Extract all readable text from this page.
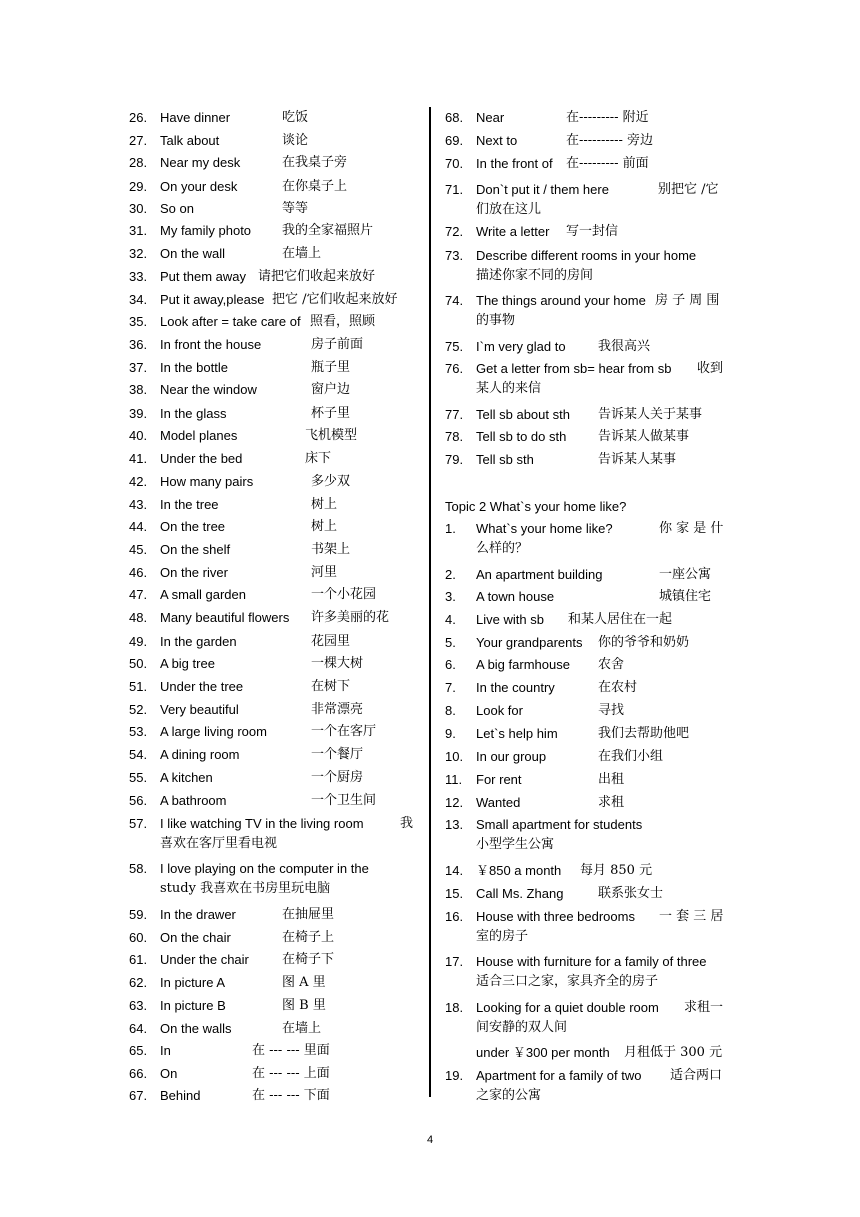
26. Have dinner	吃饭
27. Talk about	谈论
28. Near my desk	在我桌子旁
29. On your desk	在你桌子上
30. So on	等等
31. My family photo 我的全家福照片
32. On the wall	在墙上
33. Put them away 请把它们收起来放好
34. Put it away,please 把它 /它们收起来放好
35. Look after = take care of 照看，照顾
36. In front the house	房子前面
37. In the bottle	瓶子里
38. Near the window	窗户边
39. In the glass	杯子里
40. Model planes	飞机模型
41. Under the bed	床下
42. How many pairs	多少双
43. In the tree	树上
44. On the tree	树上
45. On the shelf	书架上
46. On the river	河里
47. A small garden	一个小花园
48. Many beautiful flowers 许多美丽的花
49. In the garden	花园里
50. A big tree	一棵大树
51. Under the tree	在树下
52. Very beautiful	非常漂亮
53. A large living room	一个在客厅
54. A dining room	一个餐厅
55. A kitchen	一个厨房
56. A bathroom	一个卫生间
57. I like watching TV in the living room	我
喜欢在客厅里看电视
58. I love playing on the computer in the
study 我喜欢在书房里玩电脑
59. In the drawer	在抽屉里
60. On the chair	在椅子上
61. Under the chair	在椅子下
62. In picture A	图 A 里
63. In picture B	图 B 里
64. On the walls	在墙上
65. In	在 --- --- 里面
66. On	在 --- --- 上面
67. Behind	在 --- --- 下面
68. Near	在--------- 附近
69. Next to	在---------- 旁边
70. In the front of 在--------- 前面
71. Don`t put it / them here	别把它 /它
们放在这儿
72. Write a letter 写一封信
73. Describe different rooms in your home
描述你家不同的房间
74. The things around your home 房 子 周 围
的事物
75. I`m very glad to 我很高兴
76. Get a letter from sb= hear from sb 收到
某人的来信
77. Tell sb about sth 告诉某人关于某事
78. Tell sb to do sth 告诉某人做某事
79. Tell sb sth	告诉某人某事
Topic 2 What`s your home like?
1. What`s your home like?	你 家 是 什
么样的？
2. An apartment building	一座公寓
3. A town house	城镇住宅
4. Live with sb 和某人居住在一起
5. Your grandparents 你的爷爷和奶奶
6. A big farmhouse 农舍
7. In the country	在农村
8. Look for	寻找
9. Let`s help him	我们去帮助他吧
10. In our group	在我们小组
11. For rent	出租
12. Wanted	求租
13. Small apartment for students
小型学生公寓
14. ￥850 a month 每月 850 元
15. Call Ms. Zhang	联系张女士
16. House with three bedrooms 一 套 三 居
室的房子
17. House with furniture for a family of three
适合三口之家，家具齐全的房子
18. Looking for a quiet double room 求租一
间安静的双人间
under ￥300 per month 月租低于 300 元
19. Apartment for a family of two 适合两口
之家的公寓
4
